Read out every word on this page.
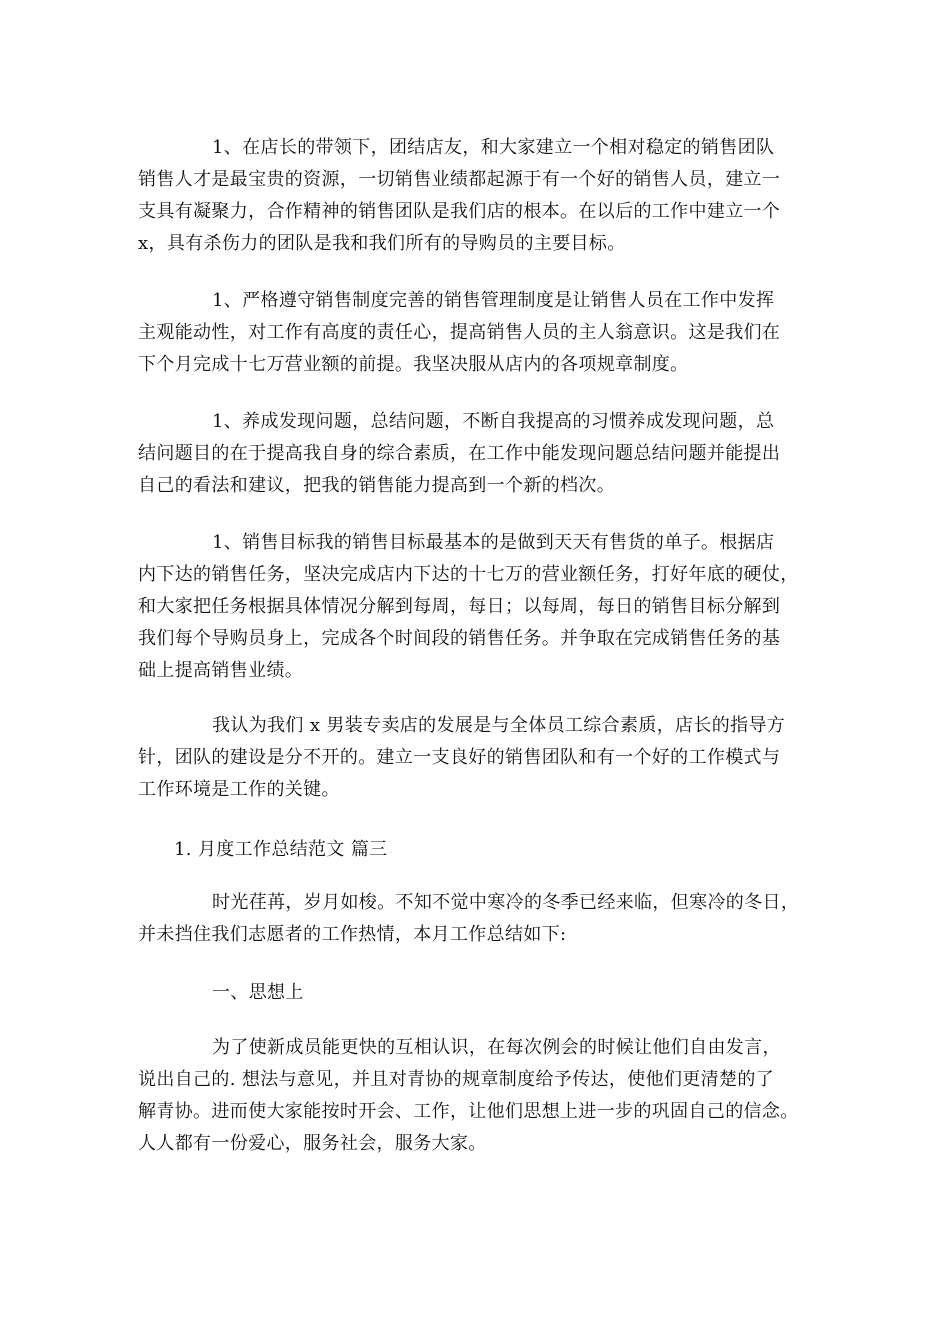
1、在店长的带领下，团结店友，和大家建立一个相对稳定的销售团队
销售人才是最宝贵的资源，一切销售业绩都起源于有一个好的销售人员，建立一
支具有凝聚力，合作精神的销售团队是我们店的根本。在以后的工作中建立一个
x，具有杀伤力的团队是我和我们所有的导购员的主要目标。
1、严格遵守销售制度完善的销售管理制度是让销售人员在工作中发挥
主观能动性，对工作有高度的责任心，提高销售人员的主人翁意识。这是我们在
下个月完成十七万营业额的前提。我坚决服从店内的各项规章制度。
1、养成发现问题，总结问题，不断自我提高的习惯养成发现问题，总
结问题目的在于提高我自身的综合素质，在工作中能发现问题总结问题并能提出
自己的看法和建议，把我的销售能力提高到一个新的档次。
1、销售目标我的销售目标最基本的是做到天天有售货的单子。根据店
内下达的销售任务，坚决完成店内下达的十七万的营业额任务，打好年底的硬仗，
和大家把任务根据具体情况分解到每周，每日；以每周，每日的销售目标分解到
我们每个导购员身上，完成各个时间段的销售任务。并争取在完成销售任务的基
础上提高销售业绩。
我认为我们 x 男装专卖店的发展是与全体员工综合素质，店长的指导方
针，团队的建设是分不开的。建立一支良好的销售团队和有一个好的工作模式与
工作环境是工作的关键。
1. 月度工作总结范文 篇三
时光荏苒，岁月如梭。不知不觉中寒冷的冬季已经来临，但寒冷的冬日，
并未挡住我们志愿者的工作热情，本月工作总结如下:
一、思想上
为了使新成员能更快的互相认识，在每次例会的时候让他们自由发言，
说出自己的. 想法与意见，并且对青协的规章制度给予传达，使他们更清楚的了
解青协。进而使大家能按时开会、工作，让他们思想上进一步的巩固自己的信念。
人人都有一份爱心，服务社会，服务大家。
